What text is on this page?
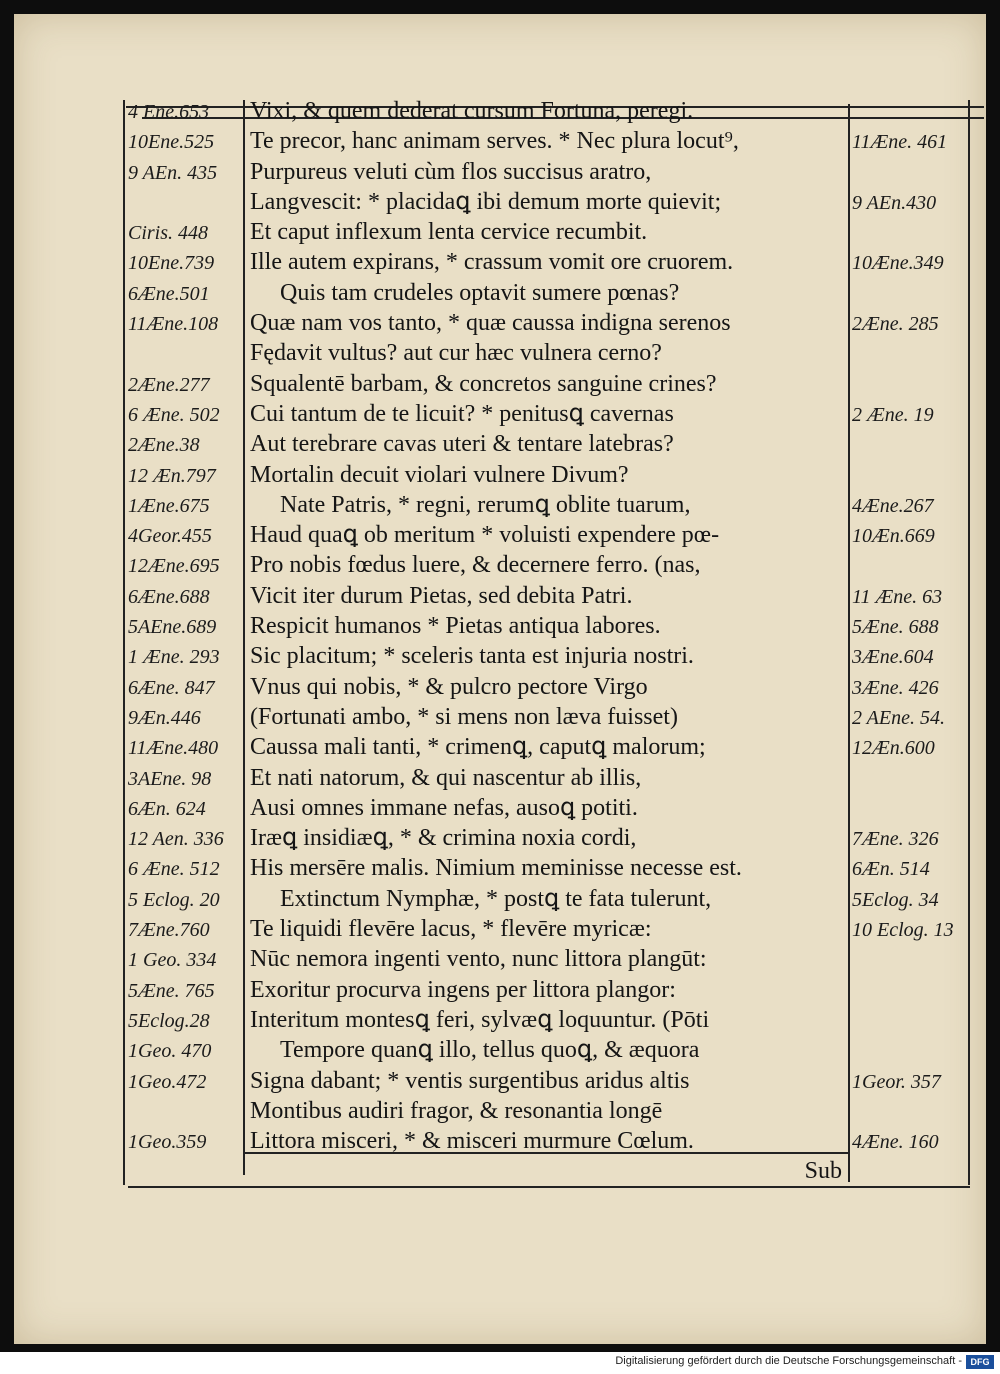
4 Ene.653
10Ene.525
9 AEn. 435
Ciris. 448
10Ene.739
6Æne.501
11Æne.108
2Æne.277
6 Æne. 502
2Æne.38
12 Æn.797
1Æne.675
4Geor.455
12Æne.695
6Æne.688
5AEne.689
1 Æne. 293
6Æne. 847
9Æn.446
11Æne.480
3AEne. 98
6Æn. 624
12 Aen. 336
6 Æne. 512
5 Eclog. 20
7Æne.760
1 Geo. 334
5Æne. 765
5Eclog.28
1Geo. 470
1Geo.472
1Geo.359
Vixi, & quem dederat cursum Fortuna, peregi.
Te precor, hanc animam serves. * Nec plura locut⁹,
Purpureus veluti cùm flos succisus aratro,
Langvescit: * placidaꝗ ibi demum morte quievit;
Et caput inflexum lenta cervice recumbit.
Ille autem expirans, * crassum vomit ore cruorem.
Quis tam crudeles optavit sumere pœnas?
Quæ nam vos tanto, * quæ caussa indigna serenos
Fędavit vultus? aut cur hæc vulnera cerno?
Squalentē barbam, & concretos sanguine crines?
Cui tantum de te licuit? * penitusꝗ cavernas
Aut terebrare cavas uteri & tentare latebras?
Mortalin decuit violari vulnere Divum?
Nate Patris, * regni, rerumꝗ oblite tuarum,
Haud quaꝗ ob meritum * voluisti expendere pœ-
Pro nobis fœdus luere, & decernere ferro. (nas,
Vicit iter durum Pietas, sed debita Patri.
Respicit humanos * Pietas antiqua labores.
Sic placitum; * sceleris tanta est injuria nostri.
Vnus qui nobis, * & pulcro pectore Virgo
(Fortunati ambo, * si mens non læva fuisset)
Caussa mali tanti, * crimenꝗ, caputꝗ malorum;
Et nati natorum, & qui nascentur ab illis,
Ausi omnes immane nefas, ausoꝗ potiti.
Iræꝗ insidiæꝗ, * & crimina noxia cordi,
His mersēre malis. Nimium meminisse necesse est.
Extinctum Nymphæ, * postꝗ te fata tulerunt,
Te liquidi flevēre lacus, * flevēre myricæ:
Nūc nemora ingenti vento, nunc littora plangūt:
Exoritur procurva ingens per littora plangor:
Interitum montesꝗ feri, sylvæꝗ loquuntur. (Pōti
Tempore quanꝗ illo, tellus quoꝗ, & æquora
Signa dabant; * ventis surgentibus aridus altis
Montibus audiri fragor, & resonantia longē
Littora misceri, * & misceri murmure Cœlum.
11Æne. 461
9 AEn.430
10Æne.349
2Æne. 285
2 Æne. 19
4Æne.267
10Æn.669
11 Æne. 63
5Æne. 688
3Æne.604
3Æne. 426
2 AEne. 54.
12Æn.600
7Æne. 326
6Æn. 514
5Eclog. 34
10 Eclog. 13
1Geor. 357
4Æne. 160
Sub
Digitalisierung gefördert durch die Deutsche Forschungsgemeinschaft - DFG
